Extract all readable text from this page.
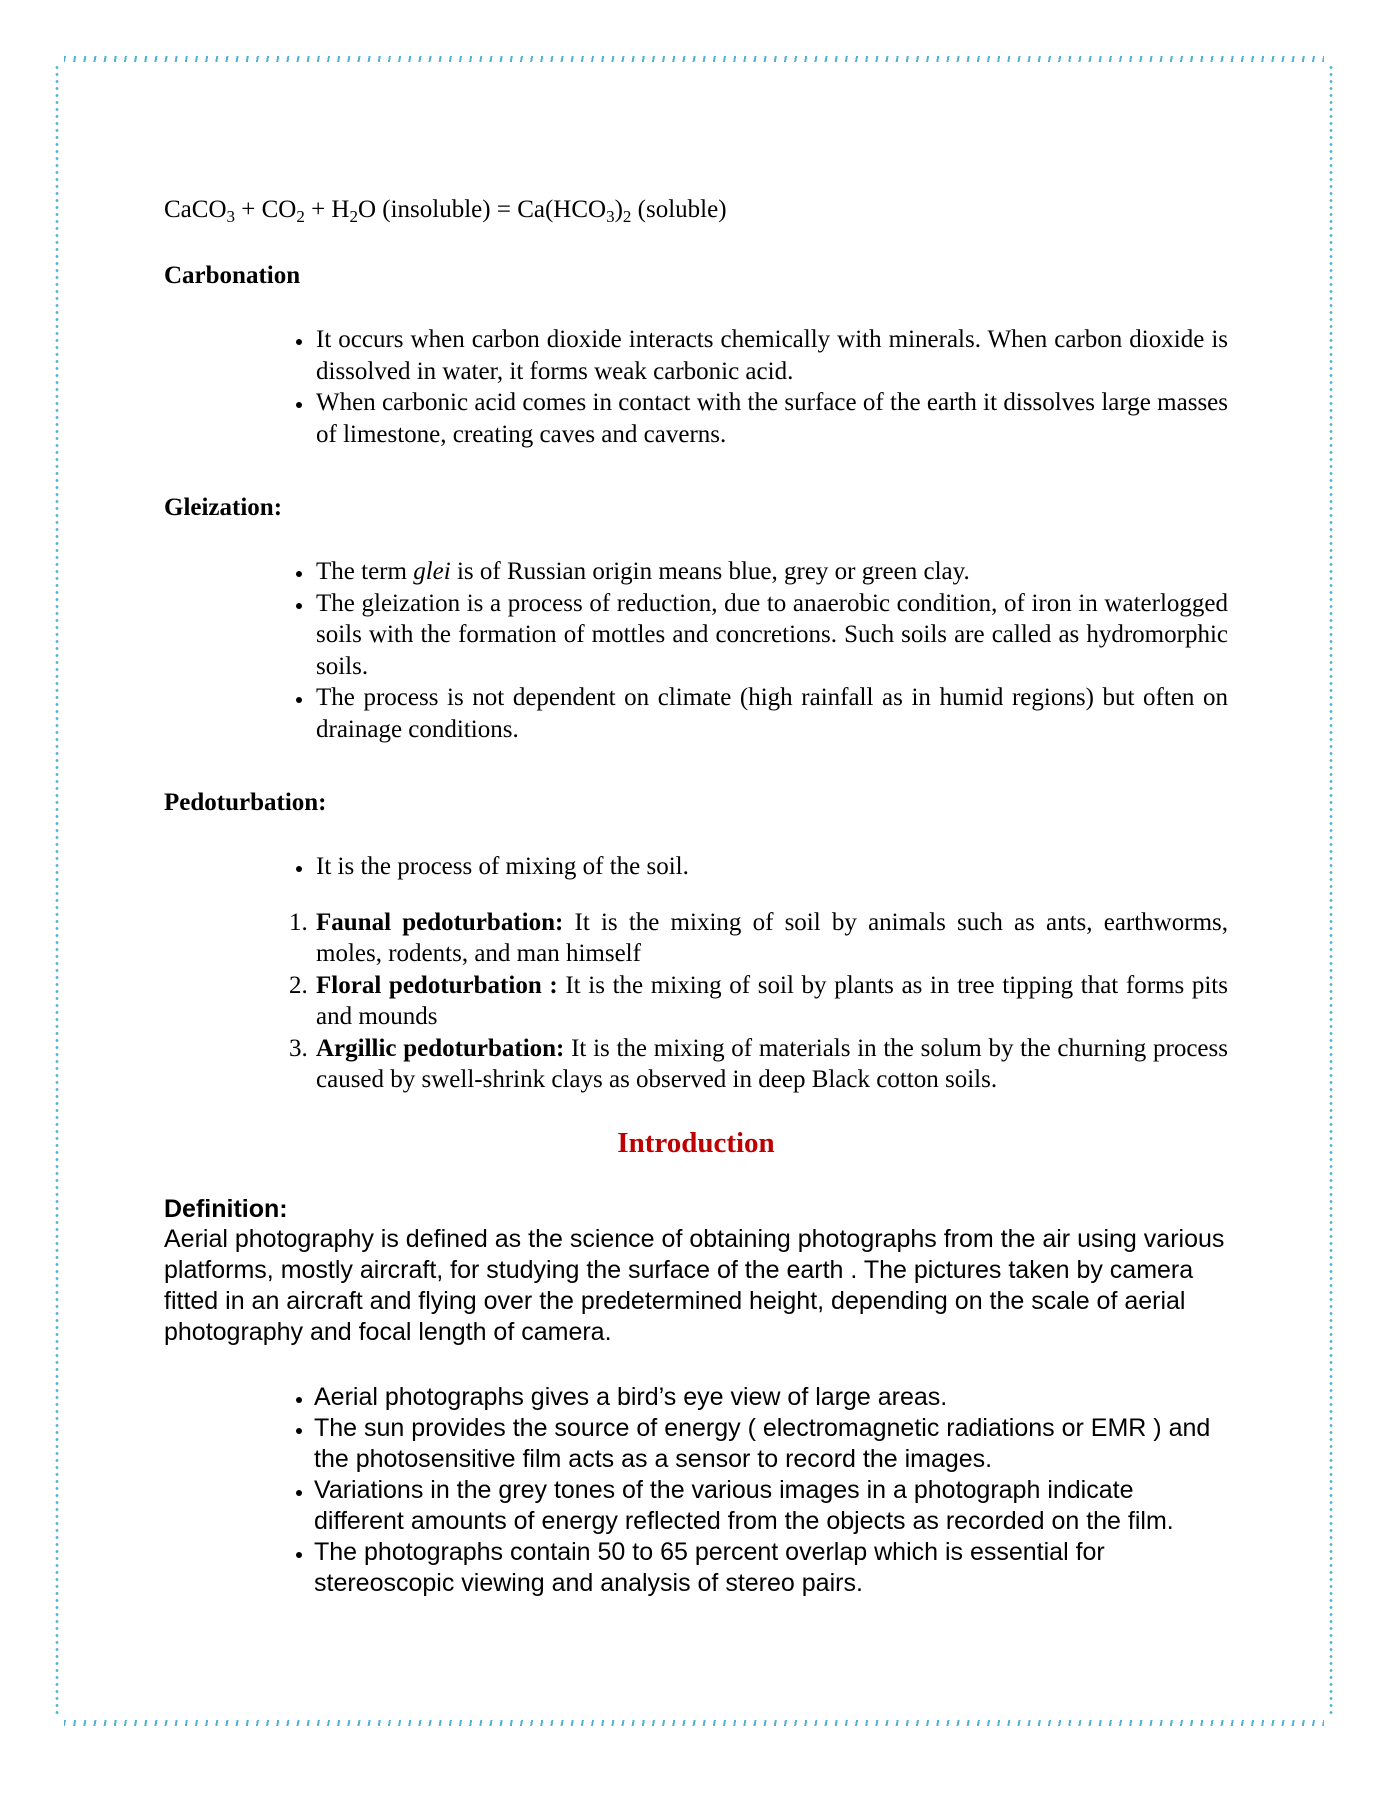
CaCO$_3$ + $CO_2 + H_2O$ (insoluble) = $Ca(HCO_3)_2$ (soluble)

Carbonation

• It occurs when carbon dioxide interacts chemically with minerals. When carbon dioxide is dissolved in water, it forms weak carbonic acid.
• When carbonic acid comes in contact with the surface of the earth it dissolves large masses of limestone, creating caves and caverns.

Gleization:

• The term glei is of Russian origin means blue, grey or green clay.
• The gleization is a process of reduction, due to anaerobic condition, of iron in waterlogged soils with the formation of mottles and concretions. Such soils are called as hydromorphic soils.
• The process is not dependent on climate (high rainfall as in humid regions) but often on drainage conditions.

Pedoturbation:

• It is the process of mixing of the soil.
1. Faunal pedoturbation: It is the mixing of soil by animals such as ants, earthworms, moles, rodents, and man himself
2. Floral pedoturbation : It is the mixing of soil by plants as in tree tipping that forms pits and mounds
3. Argillic pedoturbation: It is the mixing of materials in the solum by the churning process caused by swell-shrink clays as observed in deep Black cotton soils.

Introduction

Definition:

Aerial photography is defined as the science of obtaining photographs from the air using various platforms, mostly aircraft, for studying the surface of the earth . The pictures taken by camera fitted in an aircraft and flying over the predetermined height, depending on the scale of aerial photography and focal length of camera.

• Aerial photographs gives a bird’s eye view of large areas.
• The sun provides the source of energy ( electromagnetic radiations or EMR ) and the photosensitive film acts as a sensor to record the images.
• Variations in the grey tones of the various images in a photograph indicate different amounts of energy reflected from the objects as recorded on the film.
• The photographs contain 50 to 65 percent overlap which is essential for stereoscopic viewing and analysis of stereo pairs.
